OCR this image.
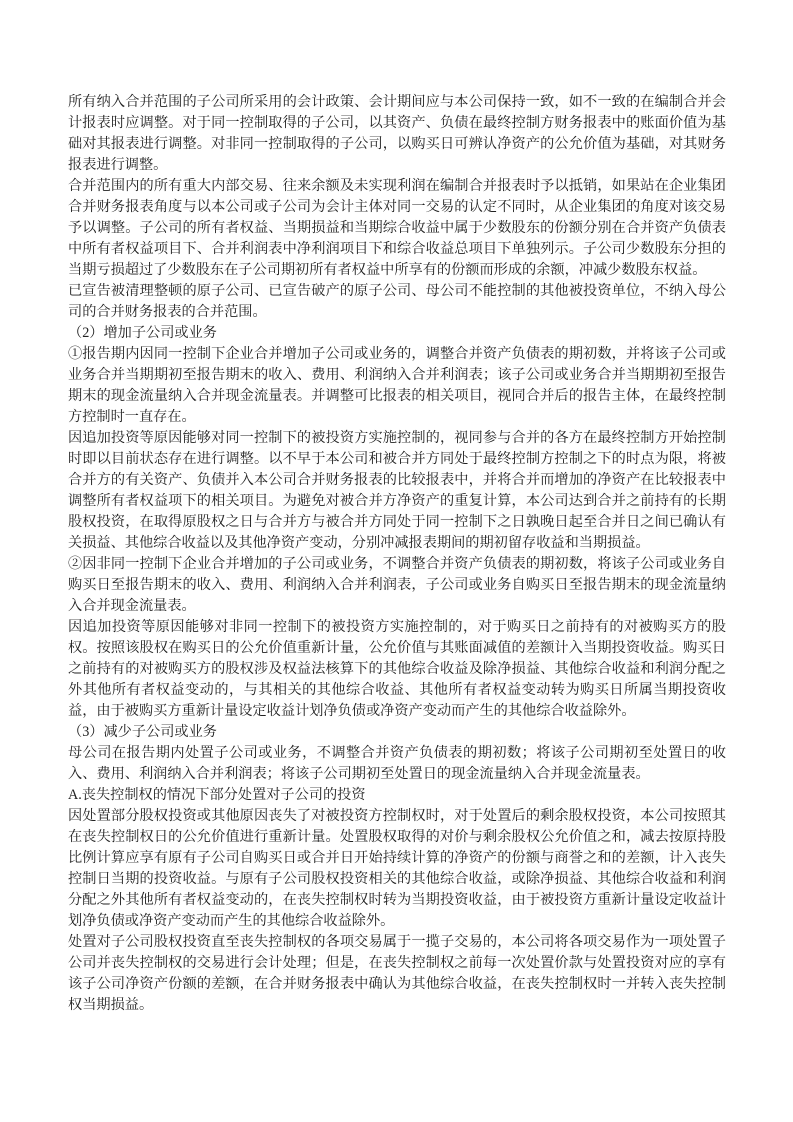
所有纳入合并范围的子公司所采用的会计政策、会计期间应与本公司保持一致，如不一致的在编制合并会计报表时应调整。对于同一控制取得的子公司，以其资产、负债在最终控制方财务报表中的账面价值为基础对其报表进行调整。对非同一控制取得的子公司，以购买日可辨认净资产的公允价值为基础，对其财务报表进行调整。

合并范围内的所有重大内部交易、往来余额及未实现利润在编制合并报表时予以抵销，如果站在企业集团合并财务报表角度与以本公司或子公司为会计主体对同一交易的认定不同时，从企业集团的角度对该交易予以调整。子公司的所有者权益、当期损益和当期综合收益中属于少数股东的份额分别在合并资产负债表中所有者权益项目下、合并利润表中净利润项目下和综合收益总项目下单独列示。子公司少数股东分担的当期亏损超过了少数股东在子公司期初所有者权益中所享有的份额而形成的余额，冲减少数股东权益。

已宣告被清理整顿的原子公司、已宣告破产的原子公司、母公司不能控制的其他被投资单位，不纳入母公司的合并财务报表的合并范围。

（2）增加子公司或业务

①报告期内因同一控制下企业合并增加子公司或业务的，调整合并资产负债表的期初数，并将该子公司或业务合并当期期初至报告期末的收入、费用、利润纳入合并利润表；该子公司或业务合并当期期初至报告期末的现金流量纳入合并现金流量表。并调整可比报表的相关项目，视同合并后的报告主体，在最终控制方控制时一直存在。

因追加投资等原因能够对同一控制下的被投资方实施控制的，视同参与合并的各方在最终控制方开始控制时即以目前状态存在进行调整。以不早于本公司和被合并方同处于最终控制方控制之下的时点为限，将被合并方的有关资产、负债并入本公司合并财务报表的比较报表中，并将合并而增加的净资产在比较报表中调整所有者权益项下的相关项目。为避免对被合并方净资产的重复计算，本公司达到合并之前持有的长期股权投资，在取得原股权之日与合并方与被合并方同处于同一控制下之日孰晚日起至合并日之间已确认有关损益、其他综合收益以及其他净资产变动，分别冲减报表期间的期初留存收益和当期损益。

②因非同一控制下企业合并增加的子公司或业务，不调整合并资产负债表的期初数，将该子公司或业务自购买日至报告期末的收入、费用、利润纳入合并利润表，子公司或业务自购买日至报告期末的现金流量纳入合并现金流量表。

因追加投资等原因能够对非同一控制下的被投资方实施控制的，对于购买日之前持有的对被购买方的股权。按照该股权在购买日的公允价值重新计量，公允价值与其账面减值的差额计入当期投资收益。购买日之前持有的对被购买方的股权涉及权益法核算下的其他综合收益及除净损益、其他综合收益和利润分配之外其他所有者权益变动的，与其相关的其他综合收益、其他所有者权益变动转为购买日所属当期投资收益，由于被购买方重新计量设定收益计划净负债或净资产变动而产生的其他综合收益除外。

（3）减少子公司或业务

母公司在报告期内处置子公司或业务，不调整合并资产负债表的期初数；将该子公司期初至处置日的收入、费用、利润纳入合并利润表；将该子公司期初至处置日的现金流量纳入合并现金流量表。

A.丧失控制权的情况下部分处置对子公司的投资

因处置部分股权投资或其他原因丧失了对被投资方控制权时，对于处置后的剩余股权投资，本公司按照其在丧失控制权日的公允价值进行重新计量。处置股权取得的对价与剩余股权公允价值之和，减去按原持股比例计算应享有原有子公司自购买日或合并日开始持续计算的净资产的份额与商誉之和的差额，计入丧失控制日当期的投资收益。与原有子公司股权投资相关的其他综合收益，或除净损益、其他综合收益和利润分配之外其他所有者权益变动的，在丧失控制权时转为当期投资收益，由于被投资方重新计量设定收益计划净负债或净资产变动而产生的其他综合收益除外。

处置对子公司股权投资直至丧失控制权的各项交易属于一揽子交易的，本公司将各项交易作为一项处置子公司并丧失控制权的交易进行会计处理；但是，在丧失控制权之前每一次处置价款与处置投资对应的享有该子公司净资产份额的差额，在合并财务报表中确认为其他综合收益，在丧失控制权时一并转入丧失控制权当期损益。
